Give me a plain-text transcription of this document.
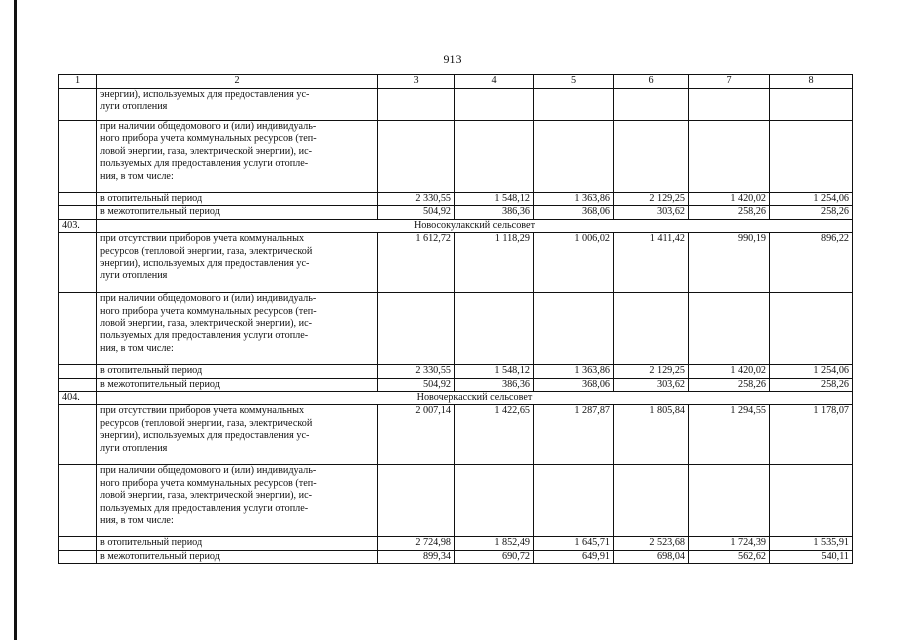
913
1	2	3	4	5	6	7	8

	энергии), используемых для предоставления ус-
луги отопления						

	при наличии общедомового и (или) индивидуаль-
ного прибора учета коммунальных ресурсов (теп-
ловой энергии, газа, электрической энергии), ис-
пользуемых для предоставления услуги отопле-
ния, в том числе:						

	в отопительный период	2 330,55	1 548,12	1 363,86	2 129,25	1 420,02	1 254,06
	в межотопительный период	504,92	386,36	368,06	303,62	258,26	258,26
403.	Новосокулакский сельсовет						

	при отсутствии приборов учета коммунальных
ресурсов (тепловой энергии, газа, электрической
энергии), используемых для предоставления ус-
луги отопления	1 612,72	1 118,29	1 006,02	1 411,42	990,19	896,22

	при наличии общедомового и (или) индивидуаль-
ного прибора учета коммунальных ресурсов (теп-
ловой энергии, газа, электрической энергии), ис-
пользуемых для предоставления услуги отопле-
ния, в том числе:						

	в отопительный период	2 330,55	1 548,12	1 363,86	2 129,25	1 420,02	1 254,06
	в межотопительный период	504,92	386,36	368,06	303,62	258,26	258,26
404.	Новочеркасский сельсовет						

	при отсутствии приборов учета коммунальных
ресурсов (тепловой энергии, газа, электрической
энергии), используемых для предоставления ус-
луги отопления	2 007,14	1 422,65	1 287,87	1 805,84	1 294,55	1 178,07

	при наличии общедомового и (или) индивидуаль-
ного прибора учета коммунальных ресурсов (теп-
ловой энергии, газа, электрической энергии), ис-
пользуемых для предоставления услуги отопле-
ния, в том числе:						

	в отопительный период	2 724,98	1 852,49	1 645,71	2 523,68	1 724,39	1 535,91
	в межотопительный период	899,34	690,72	649,91	698,04	562,62	540,11
